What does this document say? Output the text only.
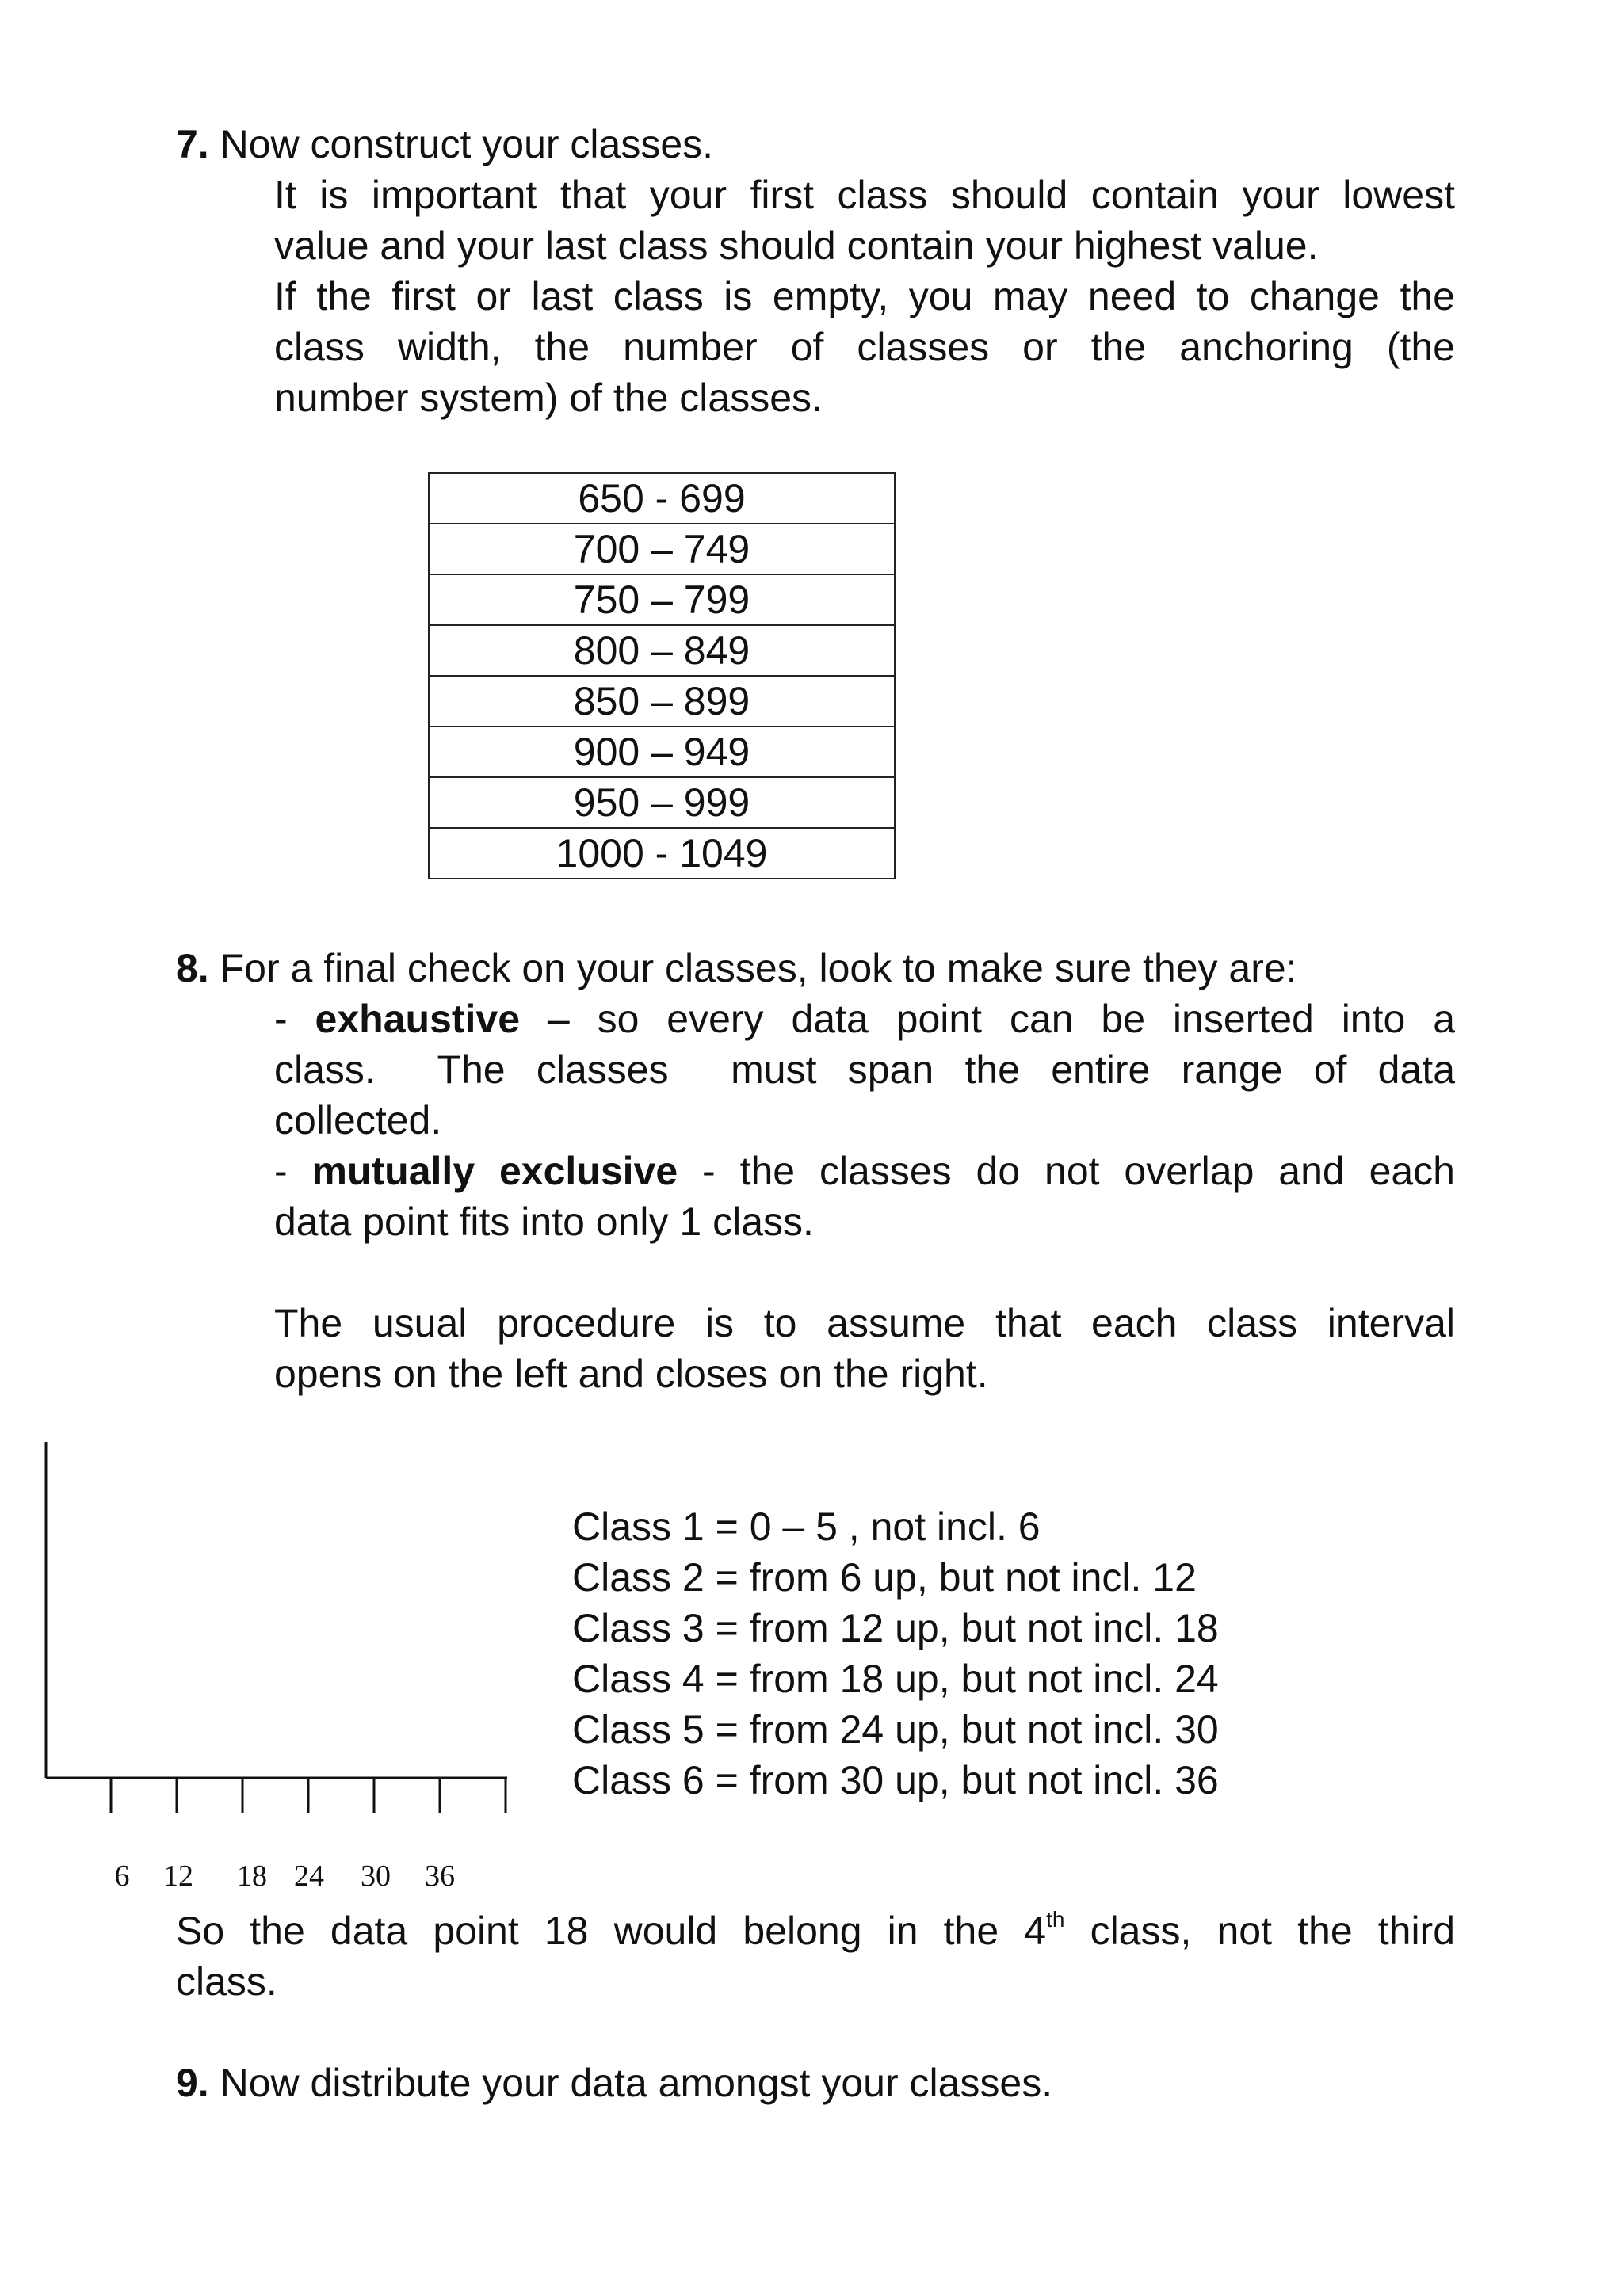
7. Now construct your classes.
It is important that your first class should contain your lowest
value and your last class should contain your highest value.
If the first or last class is empty, you may need to change the
class width, the number of classes or the anchoring (the
number system) of the classes.
650 - 699
700 – 749
750 – 799
800 – 849
850 – 899
900 – 949
950 – 999
1000 - 1049
8. For a final check on your classes, look to make sure they are:
- exhaustive – so every data point can be inserted into a
class.  The classes  must span the entire range of data
collected.
- mutually exclusive - the classes do not overlap and each
data point fits into only 1 class.
The usual procedure is to assume that each class interval
opens on the left and closes on the right.
6 12 18 24 30 36
Class 1 = 0 – 5 , not incl. 6
Class 2 = from 6 up, but not incl. 12
Class 3 = from 12 up, but not incl. 18
Class 4 = from 18 up, but not incl. 24
Class 5 = from 24 up, but not incl. 30
Class 6 = from 30 up, but not incl. 36
So the data point 18 would belong in the 4th class, not the third
class.
9. Now distribute your data amongst your classes.
